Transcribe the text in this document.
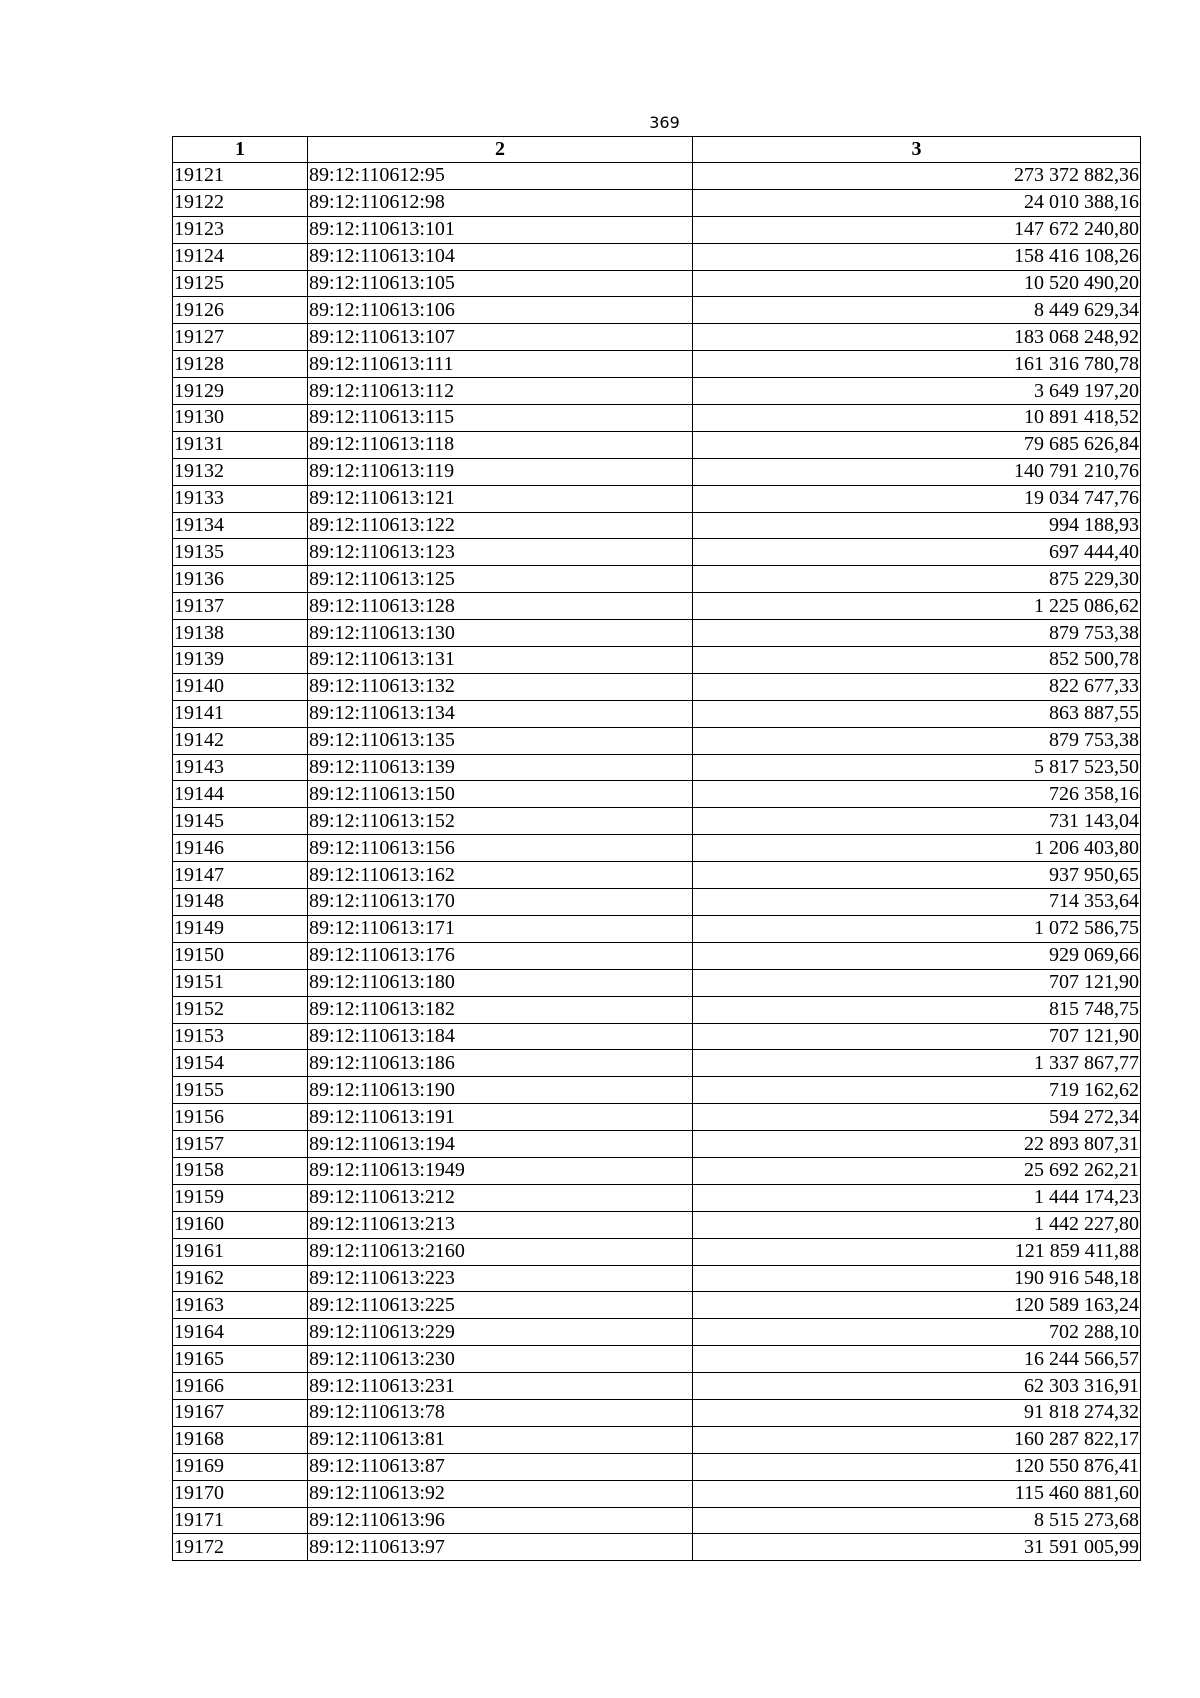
369
1	2	3
19121	89:12:110612:95	273 372 882,36
19122	89:12:110612:98	24 010 388,16
19123	89:12:110613:101	147 672 240,80
19124	89:12:110613:104	158 416 108,26
19125	89:12:110613:105	10 520 490,20
19126	89:12:110613:106	8 449 629,34
19127	89:12:110613:107	183 068 248,92
19128	89:12:110613:111	161 316 780,78
19129	89:12:110613:112	3 649 197,20
19130	89:12:110613:115	10 891 418,52
19131	89:12:110613:118	79 685 626,84
19132	89:12:110613:119	140 791 210,76
19133	89:12:110613:121	19 034 747,76
19134	89:12:110613:122	994 188,93
19135	89:12:110613:123	697 444,40
19136	89:12:110613:125	875 229,30
19137	89:12:110613:128	1 225 086,62
19138	89:12:110613:130	879 753,38
19139	89:12:110613:131	852 500,78
19140	89:12:110613:132	822 677,33
19141	89:12:110613:134	863 887,55
19142	89:12:110613:135	879 753,38
19143	89:12:110613:139	5 817 523,50
19144	89:12:110613:150	726 358,16
19145	89:12:110613:152	731 143,04
19146	89:12:110613:156	1 206 403,80
19147	89:12:110613:162	937 950,65
19148	89:12:110613:170	714 353,64
19149	89:12:110613:171	1 072 586,75
19150	89:12:110613:176	929 069,66
19151	89:12:110613:180	707 121,90
19152	89:12:110613:182	815 748,75
19153	89:12:110613:184	707 121,90
19154	89:12:110613:186	1 337 867,77
19155	89:12:110613:190	719 162,62
19156	89:12:110613:191	594 272,34
19157	89:12:110613:194	22 893 807,31
19158	89:12:110613:1949	25 692 262,21
19159	89:12:110613:212	1 444 174,23
19160	89:12:110613:213	1 442 227,80
19161	89:12:110613:2160	121 859 411,88
19162	89:12:110613:223	190 916 548,18
19163	89:12:110613:225	120 589 163,24
19164	89:12:110613:229	702 288,10
19165	89:12:110613:230	16 244 566,57
19166	89:12:110613:231	62 303 316,91
19167	89:12:110613:78	91 818 274,32
19168	89:12:110613:81	160 287 822,17
19169	89:12:110613:87	120 550 876,41
19170	89:12:110613:92	115 460 881,60
19171	89:12:110613:96	8 515 273,68
19172	89:12:110613:97	31 591 005,99
